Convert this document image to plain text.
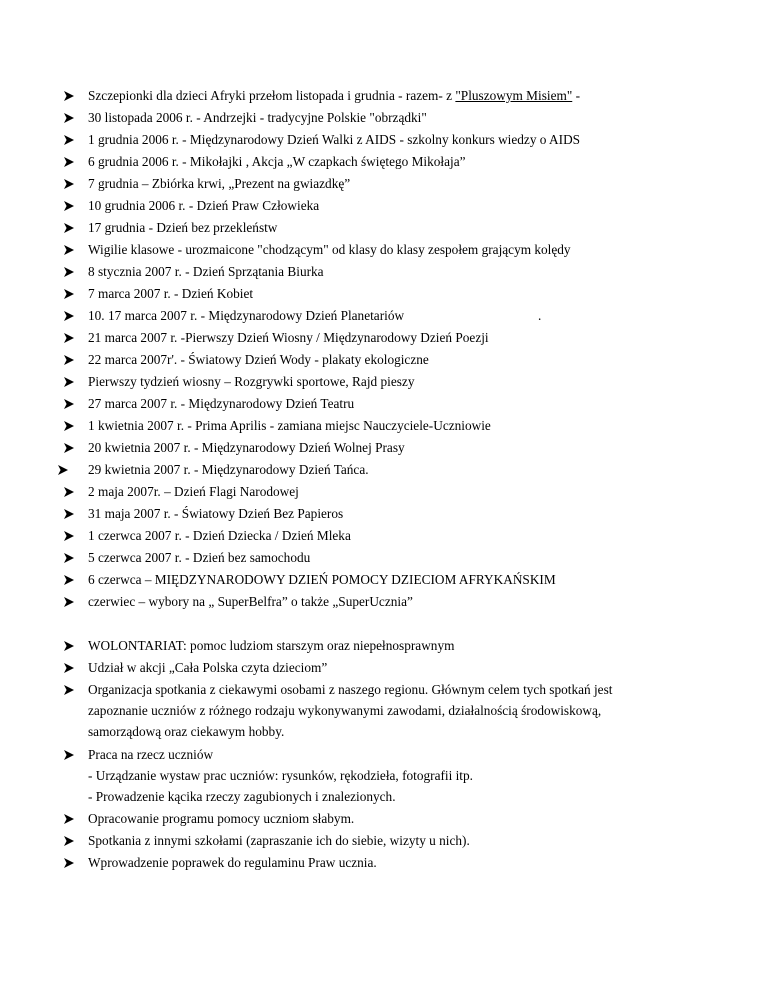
Szczepionki dla dzieci Afryki przełom listopada i grudnia - razem- z "Pluszowym Misiem" -
30 listopada 2006 r. - Andrzejki - tradycyjne Polskie "obrządki"
1 grudnia 2006 r. - Międzynarodowy Dzień Walki z AIDS - szkolny konkurs wiedzy o AIDS
6 grudnia 2006 r. - Mikołajki , Akcja „W czapkach świętego Mikołaja”
7 grudnia – Zbiórka krwi, „Prezent na gwiazdkę”
10 grudnia 2006 r. - Dzień Praw Człowieka
17 grudnia - Dzień bez przekleństw
Wigilie klasowe - urozmaicone "chodzącym" od klasy do klasy zespołem grającym kolędy
8 stycznia 2007 r. - Dzień Sprzątania Biurka
7 marca 2007 r. - Dzień Kobiet
10. 17 marca 2007 r. - Międzynarodowy Dzień Planetariów	.
21 marca 2007 r. -Pierwszy Dzień Wiosny / Międzynarodowy Dzień Poezji
22 marca 2007r'. - Światowy Dzień Wody - plakaty ekologiczne
Pierwszy tydzień wiosny – Rozgrywki sportowe, Rajd pieszy
27 marca 2007 r. - Międzynarodowy Dzień Teatru
1 kwietnia 2007 r. - Prima Aprilis - zamiana miejsc Nauczyciele-Uczniowie
20 kwietnia 2007 r. - Międzynarodowy Dzień Wolnej Prasy
29 kwietnia 2007 r. - Międzynarodowy Dzień Tańca.
2 maja 2007r. – Dzień Flagi Narodowej
31 maja 2007 r. - Światowy Dzień Bez Papieros
1 czerwca 2007 r. - Dzień Dziecka / Dzień Mleka
5 czerwca 2007 r. - Dzień bez samochodu
6 czerwca – MIĘDZYNARODOWY DZIEŃ POMOCY DZIECIOM AFRYKAŃSKIM
czerwiec – wybory na „ SuperBelfra” o także „SuperUcznia”
WOLONTARIAT: pomoc ludziom starszym oraz niepełnosprawnym
Udział w akcji „Cała Polska czyta dzieciom”
Organizacja spotkania z ciekawymi osobami z naszego regionu. Głównym celem tych spotkań jest
zapoznanie uczniów z różnego rodzaju wykonywanymi zawodami, działalnością środowiskową,
samorządową oraz ciekawym hobby.
Praca na rzecz uczniów
- Urządzanie wystaw prac uczniów: rysunków, rękodzieła, fotografii itp.
- Prowadzenie kącika rzeczy zagubionych i znalezionych.
Opracowanie programu pomocy uczniom słabym.
Spotkania z innymi szkołami (zapraszanie ich do siebie, wizyty u nich).
Wprowadzenie poprawek do regulaminu Praw ucznia.
